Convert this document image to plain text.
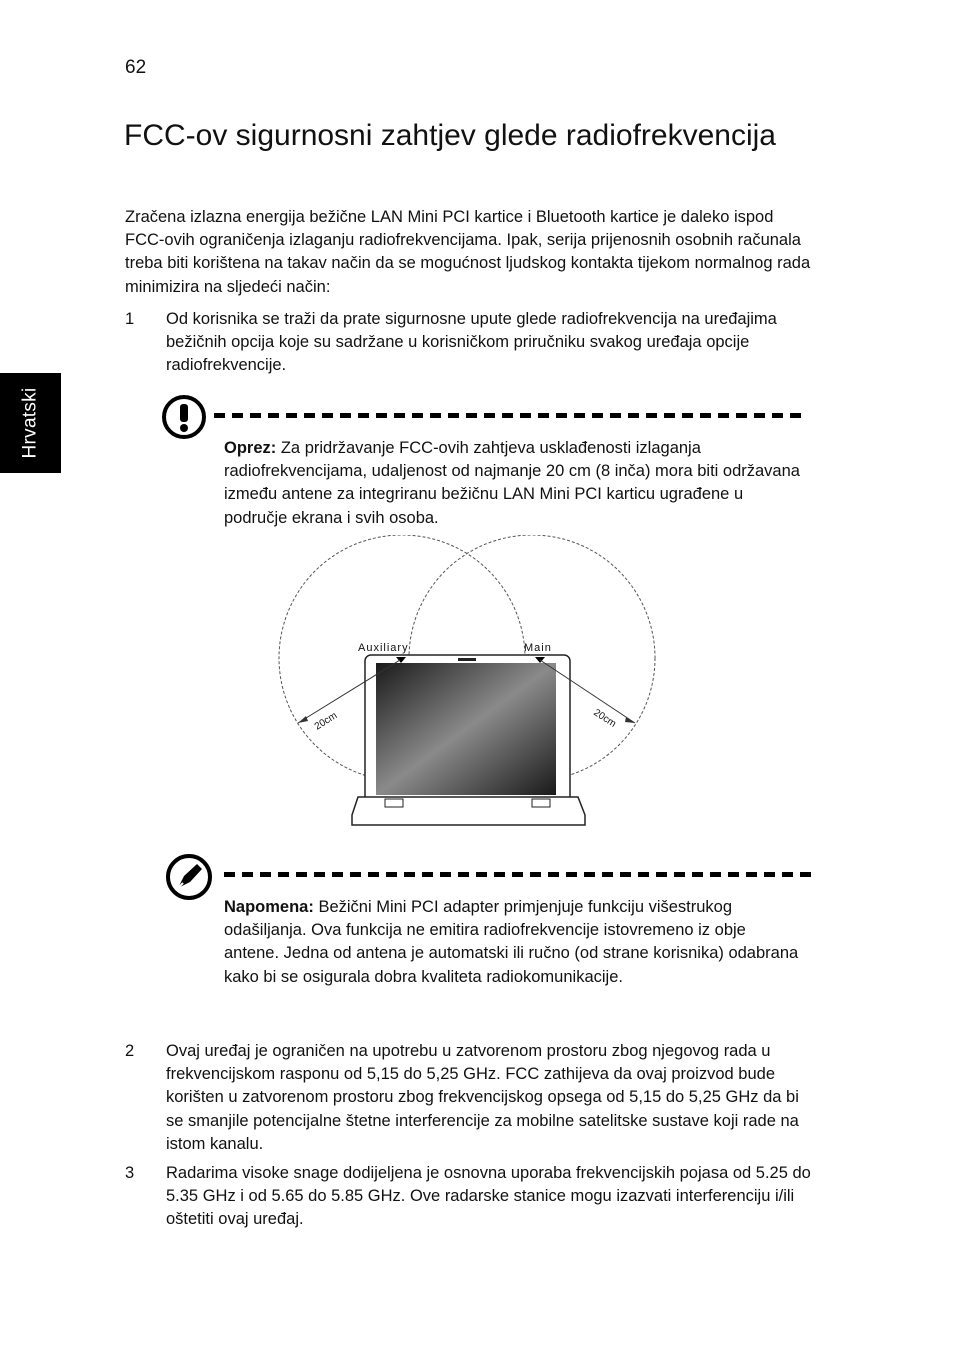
62
Hrvatski
FCC-ov sigurnosni zahtjev glede radiofrekvencija
Zračena izlazna energija bežične LAN Mini PCI kartice i Bluetooth kartice je daleko ispod FCC-ovih ograničenja izlaganju radiofrekvencijama. Ipak, serija prijenosnih osobnih računala treba biti korištena na takav način da se mogućnost ljudskog kontakta tijekom normalnog rada minimizira na sljedeći način:
1	Od korisnika se traži da prate sigurnosne upute glede radiofrekvencija na uređajima bežičnih opcija koje su sadržane u korisničkom priručniku svakog uređaja opcije radiofrekvencije.
Oprez: Za pridržavanje FCC-ovih zahtjeva usklađenosti izlaganja radiofrekvencijama, udaljenost od najmanje 20 cm (8 inča) mora biti održavana između antene za integriranu bežičnu LAN Mini PCI karticu ugrađene u područje ekrana i svih osoba.
Auxiliary	Main
20cm	20cm
Napomena: Bežični Mini PCI adapter primjenjuje funkciju višestrukog odašiljanja. Ova funkcija ne emitira radiofrekvencije istovremeno iz obje antene. Jedna od antena je automatski ili ručno (od strane korisnika) odabrana kako bi se osigurala dobra kvaliteta radiokomunikacije.
2	Ovaj uređaj je ograničen na upotrebu u zatvorenom prostoru zbog njegovog rada u frekvencijskom rasponu od 5,15 do 5,25 GHz. FCC zathijeva da ovaj proizvod bude korišten u zatvorenom prostoru zbog frekvencijskog opsega od 5,15 do 5,25 GHz da bi se smanjile potencijalne štetne interferencije za mobilne satelitske sustave koji rade na istom kanalu.
3	Radarima visoke snage dodijeljena je osnovna uporaba frekvencijskih pojasa od 5.25 do 5.35 GHz i od 5.65 do 5.85 GHz. Ove radarske stanice mogu izazvati interferenciju i/ili oštetiti ovaj uređaj.
